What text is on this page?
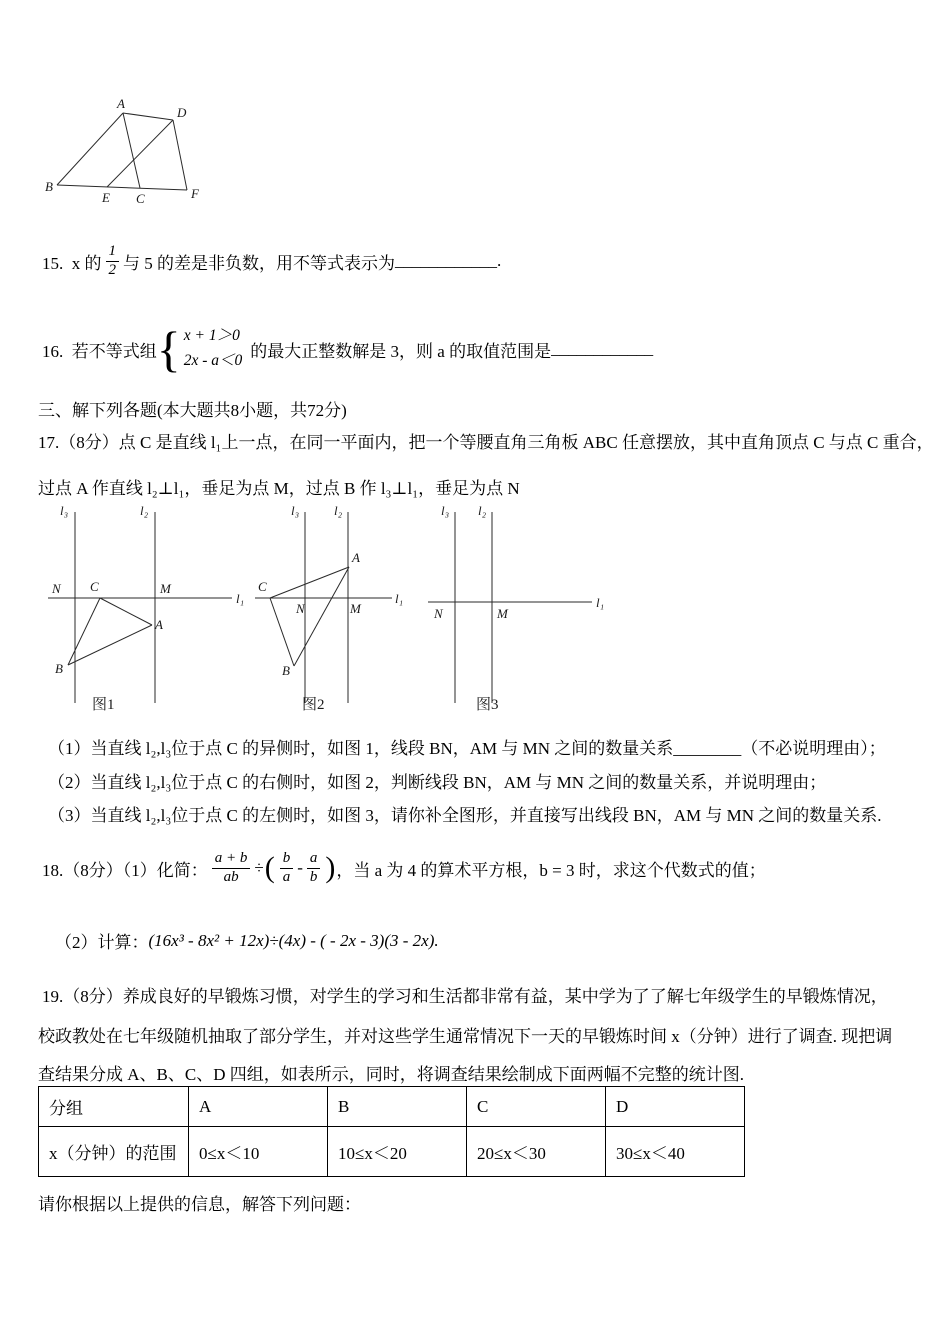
A
D
B
E C	F
15.  x 的 $\frac{1}{2}$ 与 5 的差是非负数，用不等式表示为 ____________.
16.  若不等式组 { x + 1＞0
2x - a＜0 的最大正整数解是 3，则 a 的取值范围是 ____________
三、解下列各题(本大题共8小题，共72分)
17.（8分）点 C 是直线 l₁上一点，在同一平面内，把一个等腰直角三角板 ABC 任意摆放，其中直角顶点 C 与点 C 重合，
过点 A 作直线 l₂⊥l₁，垂足为点 M，过点 B 作 l₃⊥l₁，垂足为点 N
l₃	l₂
l₁
N C	M
A
B
图1
l₃	l₂
l₁
C
A
N	M
B
图2
l₃ l₂
l₁
N	M
图3
（1）当直线 l₂,l₃位于点 C 的异侧时，如图 1，线段 BN，AM 与 MN 之间的数量关系________（不必说明理由）；
（2）当直线 l₂,l₃位于点 C 的右侧时，如图 2，判断线段 BN，AM 与 MN 之间的数量关系，并说明理由；
（3）当直线 l₂,l₃位于点 C 的左侧时，如图 3，请你补全图形，并直接写出线段 BN，AM 与 MN 之间的数量关系.
18.（8分）（1）化简： $\frac{a + b}{ab}$ ÷ ( $\frac{b}{a} - \frac{a}{b}$ ) ，当 a 为 4 的算术平方根，b = 3 时，求这个代数式的值；
（2）计算： (16x³ - 8x² + 12x)÷(4x) - ( - 2x - 3)(3 - 2x).
19.（8分）养成良好的早锻炼习惯，对学生的学习和生活都非常有益，某中学为了了解七年级学生的早锻炼情况，
校政教处在七年级随机抽取了部分学生，并对这些学生通常情况下一天的早锻炼时间 x（分钟）进行了调查. 现把调
查结果分成 A、B、C、D 四组，如表所示，同时，将调查结果绘制成下面两幅不完整的统计图.
分组	A	B	C	D
x（分钟）的范围	0≤x＜10	10≤x＜20	20≤x＜30	30≤x＜40
请你根据以上提供的信息，解答下列问题：
